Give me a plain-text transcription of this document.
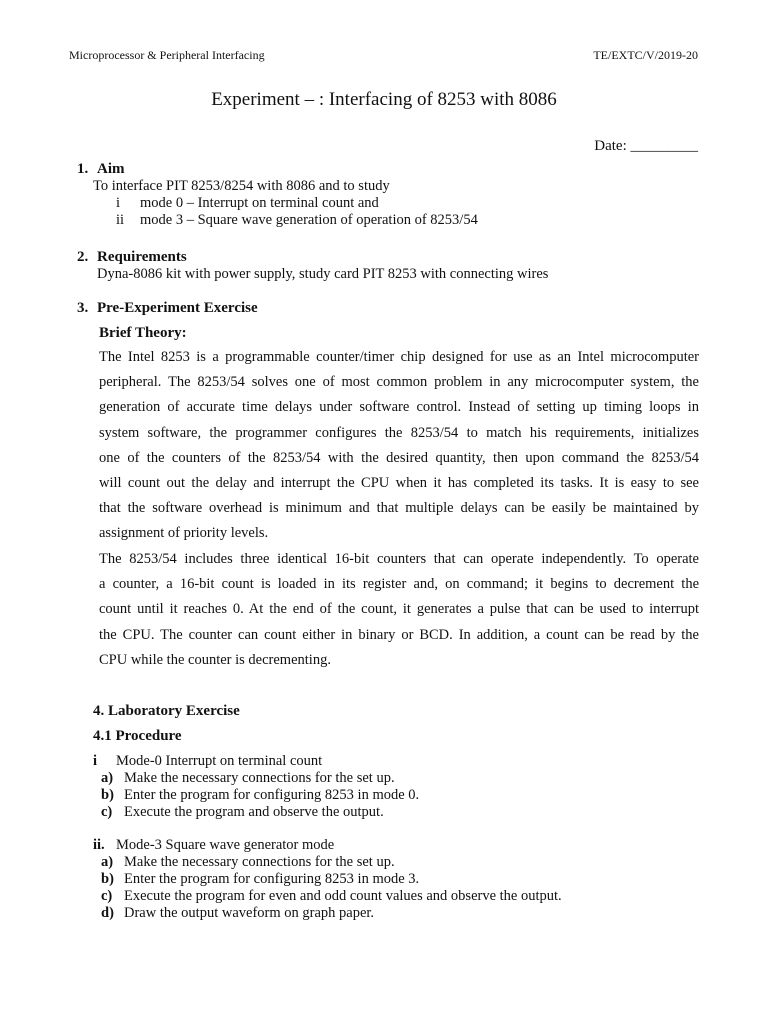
Microprocessor & Peripheral Interfacing	TE/EXTC/V/2019-20
Experiment – : Interfacing of 8253 with 8086
Date: _________
1. Aim
To interface PIT 8253/8254 with 8086 and to study
i mode 0 – Interrupt on terminal count and
ii mode 3 – Square wave generation of operation of 8253/54
2. Requirements
Dyna-8086 kit with power supply, study card PIT 8253 with connecting wires
3. Pre-Experiment Exercise
Brief Theory:
The Intel 8253 is a programmable counter/timer chip designed for use as an Intel microcomputer
peripheral. The 8253/54 solves one of most common problem in any microcomputer system, the
generation of accurate time delays under software control. Instead of setting up timing loops in
system software, the programmer configures the 8253/54 to match his requirements, initializes
one of the counters of the 8253/54 with the desired quantity, then upon command the 8253/54
will count out the delay and interrupt the CPU when it has completed its tasks. It is easy to see
that the software overhead is minimum and that multiple delays can be easily be maintained by
assignment of priority levels.
The 8253/54 includes three identical 16-bit counters that can operate independently. To operate
a counter, a 16-bit count is loaded in its register and, on command; it begins to decrement the
count until it reaches 0. At the end of the count, it generates a pulse that can be used to interrupt
the CPU. The counter can count either in binary or BCD. In addition, a count can be read by the
CPU while the counter is decrementing.
4. Laboratory Exercise
4.1 Procedure
i Mode-0 Interrupt on terminal count
a) Make the necessary connections for the set up.
b) Enter the program for configuring 8253 in mode 0.
c) Execute the program and observe the output.
ii. Mode-3 Square wave generator mode
a) Make the necessary connections for the set up.
b) Enter the program for configuring 8253 in mode 3.
c) Execute the program for even and odd count values and observe the output.
d) Draw the output waveform on graph paper.
